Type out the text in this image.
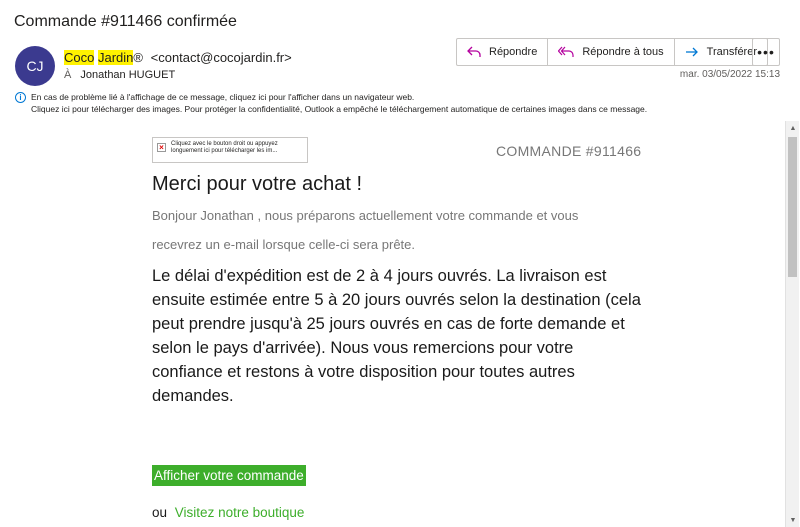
Commande #911466 confirmée
CJ
Coco Jardin® <contact@cocojardin.fr>
À Jonathan HUGUET
Répondre	Répondre à tous	Transférer •••
mar. 03/05/2022 15:13
i	En cas de problème lié à l'affichage de ce message, cliquez ici pour l'afficher dans un navigateur web.
Cliquez ici pour télécharger des images. Pour protéger la confidentialité, Outlook a empêché le téléchargement automatique de certaines images dans ce message.
▲
▼
×	Cliquez avec le bouton droit ou appuyez longuement ici pour télécharger les im...	COMMANDE #911466
Merci pour votre achat !
Bonjour Jonathan , nous préparons actuellement votre commande et vous
recevrez un e-mail lorsque celle-ci sera prête.
Le délai d'expédition est de 2 à 4 jours ouvrés. La livraison est ensuite estimée entre 5 à 20 jours ouvrés selon la destination (cela peut prendre jusqu'à 25 jours ouvrés en cas de forte demande et selon le pays d'arrivée). Nous vous remercions pour votre confiance et restons à votre disposition pour toutes autres demandes.
Afficher votre commande
ou Visitez notre boutique
